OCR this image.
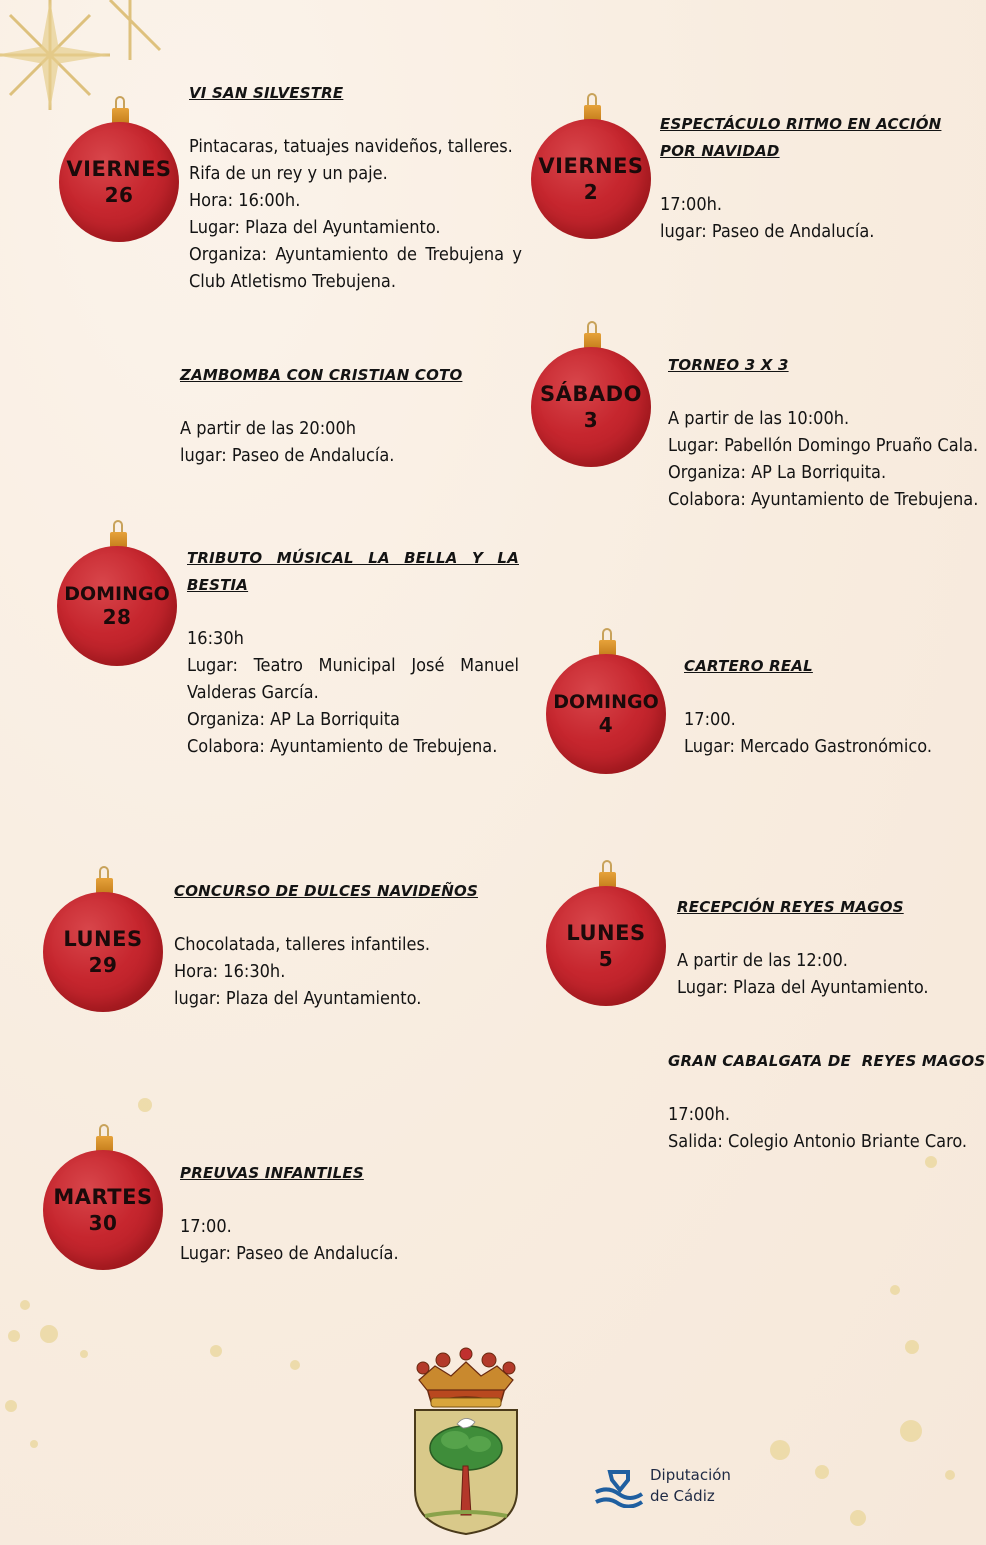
VIERNES
26
VIERNES
2
SÁBADO
3
DOMINGO
28
DOMINGO
4
LUNES
29
LUNES
5
MARTES
30
VI SAN SILVESTRE
Pintacaras, tatuajes navideños, talleres.
Rifa de un rey y un paje.
Hora: 16:00h.
Lugar: Plaza del Ayuntamiento.
Organiza: Ayuntamiento de Trebujena y Club Atletismo Trebujena.
ESPECTÁCULO RITMO EN ACCIÓN POR NAVIDAD
17:00h.
lugar: Paseo de Andalucía.
ZAMBOMBA CON CRISTIAN COTO
A partir de las 20:00h
lugar: Paseo de Andalucía.
TORNEO 3 X 3
A partir de las 10:00h.
Lugar: Pabellón Domingo Pruaño Cala.
Organiza: AP La Borriquita.
Colabora: Ayuntamiento de Trebujena.
TRIBUTO MÚSICAL LA BELLA Y LA BESTIA
16:30h
Lugar: Teatro Municipal José Manuel Valderas García.
Organiza: AP La Borriquita
Colabora: Ayuntamiento de Trebujena.
CARTERO REAL
17:00.
Lugar: Mercado Gastronómico.
CONCURSO DE DULCES NAVIDEÑOS
Chocolatada, talleres infantiles.
Hora: 16:30h.
lugar: Plaza del Ayuntamiento.
RECEPCIÓN REYES MAGOS
A partir de las 12:00.
Lugar: Plaza del Ayuntamiento.
GRAN CABALGATA DE  REYES MAGOS
17:00h.
Salida: Colegio Antonio Briante Caro.
PREUVAS INFANTILES
17:00.
Lugar: Paseo de Andalucía.
Diputación
de Cádiz
